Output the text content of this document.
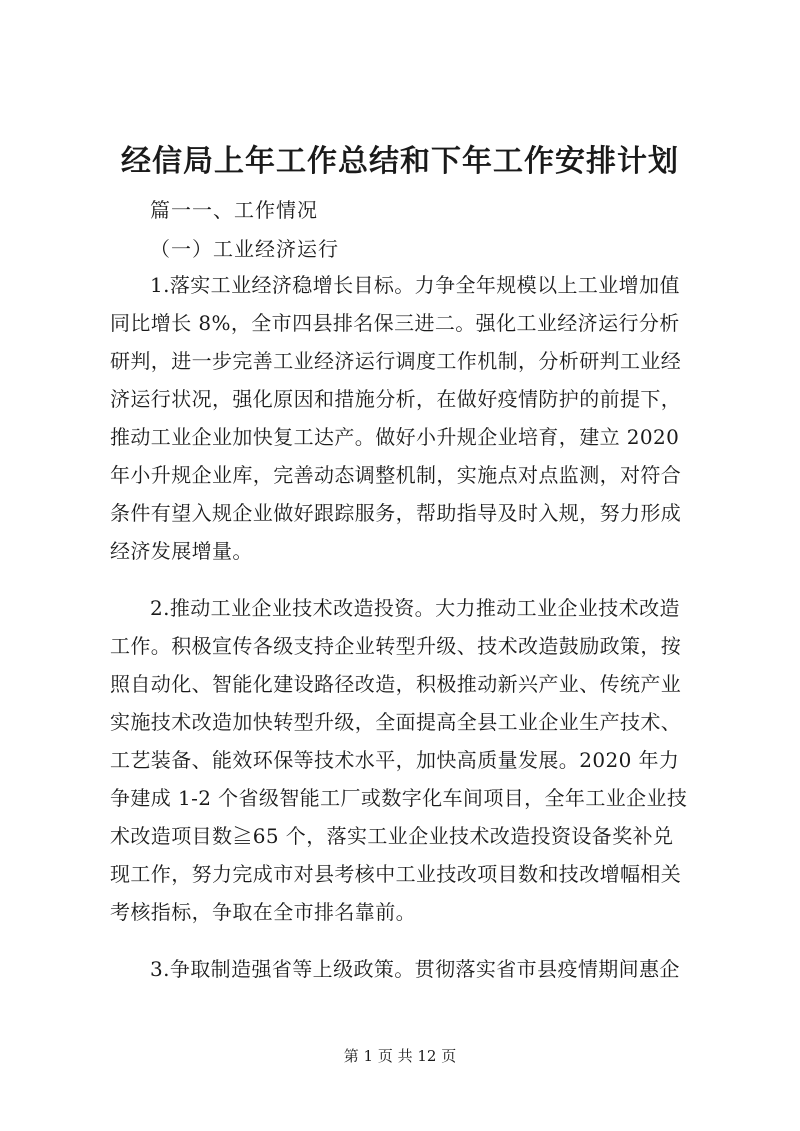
经信局上年工作总结和下年工作安排计划
篇一一、工作情况
（一）工业经济运行
1.落实工业经济稳增长目标。力争全年规模以上工业增加值
同比增长 8%，全市四县排名保三进二。强化工业经济运行分析
研判，进一步完善工业经济运行调度工作机制，分析研判工业经
济运行状况，强化原因和措施分析，在做好疫情防护的前提下，
推动工业企业加快复工达产。做好小升规企业培育，建立 2020
年小升规企业库，完善动态调整机制，实施点对点监测，对符合
条件有望入规企业做好跟踪服务，帮助指导及时入规，努力形成
经济发展增量。
2.推动工业企业技术改造投资。大力推动工业企业技术改造
工作。积极宣传各级支持企业转型升级、技术改造鼓励政策，按
照自动化、智能化建设路径改造，积极推动新兴产业、传统产业
实施技术改造加快转型升级，全面提高全县工业企业生产技术、
工艺装备、能效环保等技术水平，加快高质量发展。2020 年力
争建成 1-2 个省级智能工厂或数字化车间项目，全年工业企业技
术改造项目数≧65 个，落实工业企业技术改造投资设备奖补兑
现工作，努力完成市对县考核中工业技改项目数和技改增幅相关
考核指标，争取在全市排名靠前。
3.争取制造强省等上级政策。贯彻落实省市县疫情期间惠企
第 1 页 共 12 页
